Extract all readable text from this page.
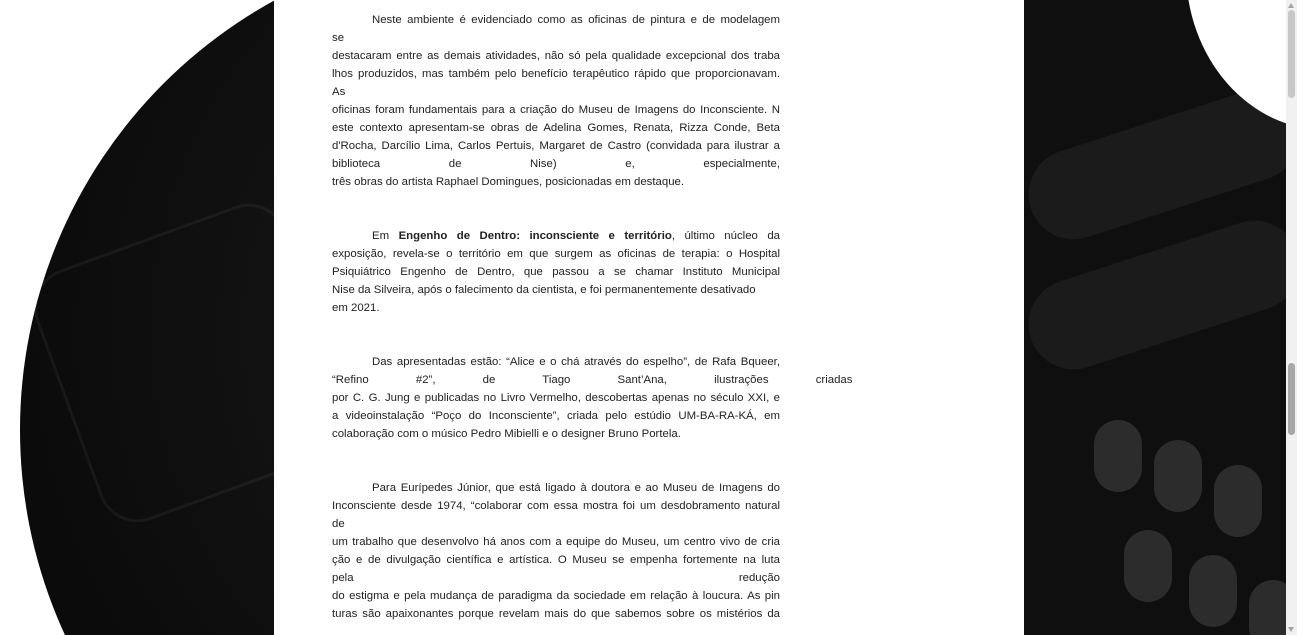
Neste ambiente é evidenciado como as oficinas de pintura e de modelagem
se
destacaram entre as demais atividades, não só pela qualidade excepcional dos traba
lhos produzidos, mas também pelo benefício terapêutico rápido que proporcionavam.
As
oficinas foram fundamentais para a criação do Museu de Imagens do Inconsciente. N
este contexto apresentam-se obras de Adelina Gomes, Renata, Rizza Conde, Beta
d'Rocha, Darcílio Lima, Carlos Pertuis, Margaret de Castro (convidada para ilustrar a
biblioteca de Nise) e, especialmente,
três obras do artista Raphael Domingues, posicionadas em destaque.

Em Engenho de Dentro: inconsciente e território, último núcleo da
exposição, revela-se o território em que surgem as oficinas de terapia: o Hospital
Psiquiátrico Engenho de Dentro, que passou a se chamar Instituto Municipal
Nise da Silveira, após o falecimento da cientista, e foi permanentemente desativado
em 2021.

Das apresentadas estão: “Alice e o chá através do espelho”, de Rafa Bqueer,
“Refino #2”, de Tiago Sant’Ana, ilustrações criadas
por C. G. Jung e publicadas no Livro Vermelho, descobertas apenas no século XXI, e
a videoinstalação “Poço do Inconsciente”, criada pelo estúdio UM-BA-RA-KÁ, em
colaboração com o músico Pedro Mibielli e o designer Bruno Portela.

Para Eurípedes Júnior, que está ligado à doutora e ao Museu de Imagens do
Inconsciente desde 1974, “colaborar com essa mostra foi um desdobramento natural
de
um trabalho que desenvolvo há anos com a equipe do Museu, um centro vivo de cria
ção e de divulgação científica e artística. O Museu se empenha fortemente na luta
pela redução
do estigma e pela mudança de paradigma da sociedade em relação à loucura. As pin
turas são apaixonantes porque revelam mais do que sabemos sobre os mistérios da
